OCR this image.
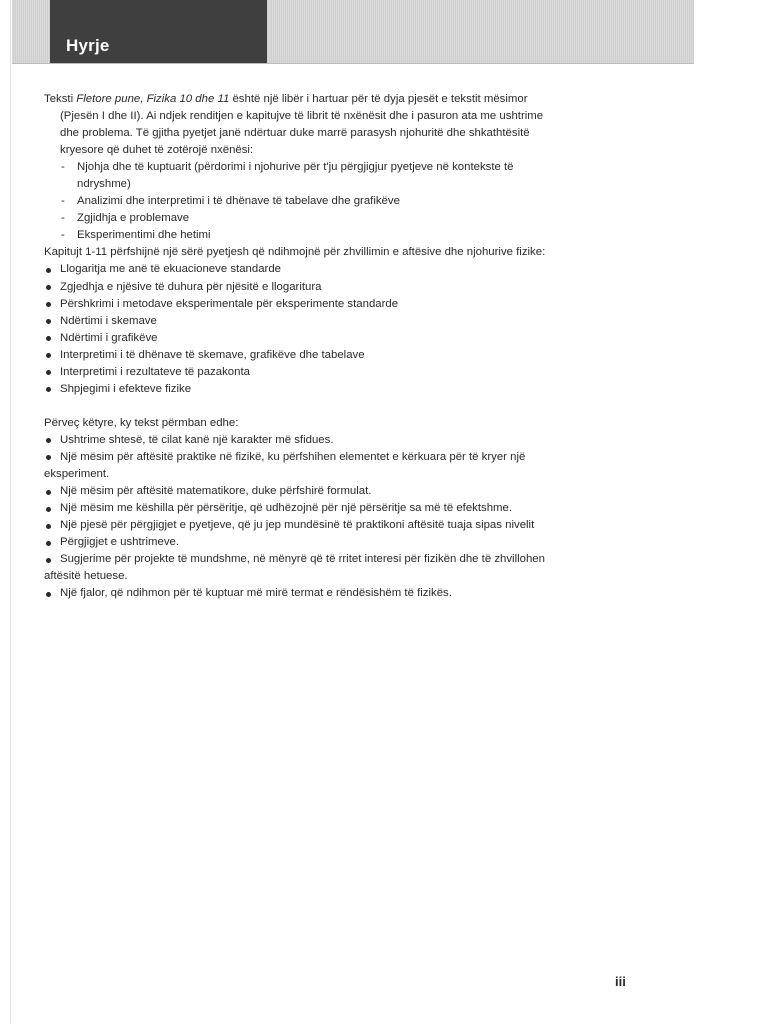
Hyrje

Teksti Fletore pune, Fizika 10 dhe 11 është një libër i hartuar për të dyja pjesët e tekstit mësimor (Pjesën I dhe II). Ai ndjek renditjen e kapitujve të librit të nxënësit dhe i pasuron ata me ushtrime dhe problema. Të gjitha pyetjet janë ndërtuar duke marrë parasysh njohuritë dhe shkathtësitë kryesore që duhet të zotërojë nxënësi:

- Njohja dhe të kuptuarit (përdorimi i njohurive për t'ju përgjigjur pyetjeve në kontekste të ndryshme)
- Analizimi dhe interpretimi i të dhënave të tabelave dhe grafikëve
- Zgjidhja e problemave
- Eksperimentimi dhe hetimi

Kapitujt 1-11 përfshijnë një sërë pyetjesh që ndihmojnë për zhvillimin e aftësive dhe njohurive fizike:

Llogaritja me anë të ekuacioneve standarde
Zgjedhja e njësive të duhura për njësitë e llogaritura
Përshkrimi i metodave eksperimentale për eksperimente standarde
Ndërtimi i skemave
Ndërtimi i grafikëve
Interpretimi i të dhënave të skemave, grafikëve dhe tabelave
Interpretimi i rezultateve të pazakonta
Shpjegimi i efekteve fizike

Përveç këtyre, ky tekst përmban edhe:

Ushtrime shtesë, të cilat kanë një karakter më sfidues.
Një mësim për aftësitë praktike në fizikë, ku përfshihen elementet e kërkuara për të kryer një
eksperiment.
Një mësim për aftësitë matematikore, duke përfshirë formulat.
Një mësim me këshilla për përsëritje, që udhëzojnë për një përsëritje sa më të efektshme.
Një pjesë për përgjigjet e pyetjeve, që ju jep mundësinë të praktikoni aftësitë tuaja sipas nivelit
Përgjigjet e ushtrimeve.
Sugjerime për projekte të mundshme, në mënyrë që të rritet interesi për fizikën dhe të zhvillohen
aftësitë hetuese.
Një fjalor, që ndihmon për të kuptuar më mirë termat e rëndësishëm të fizikës.
iii
